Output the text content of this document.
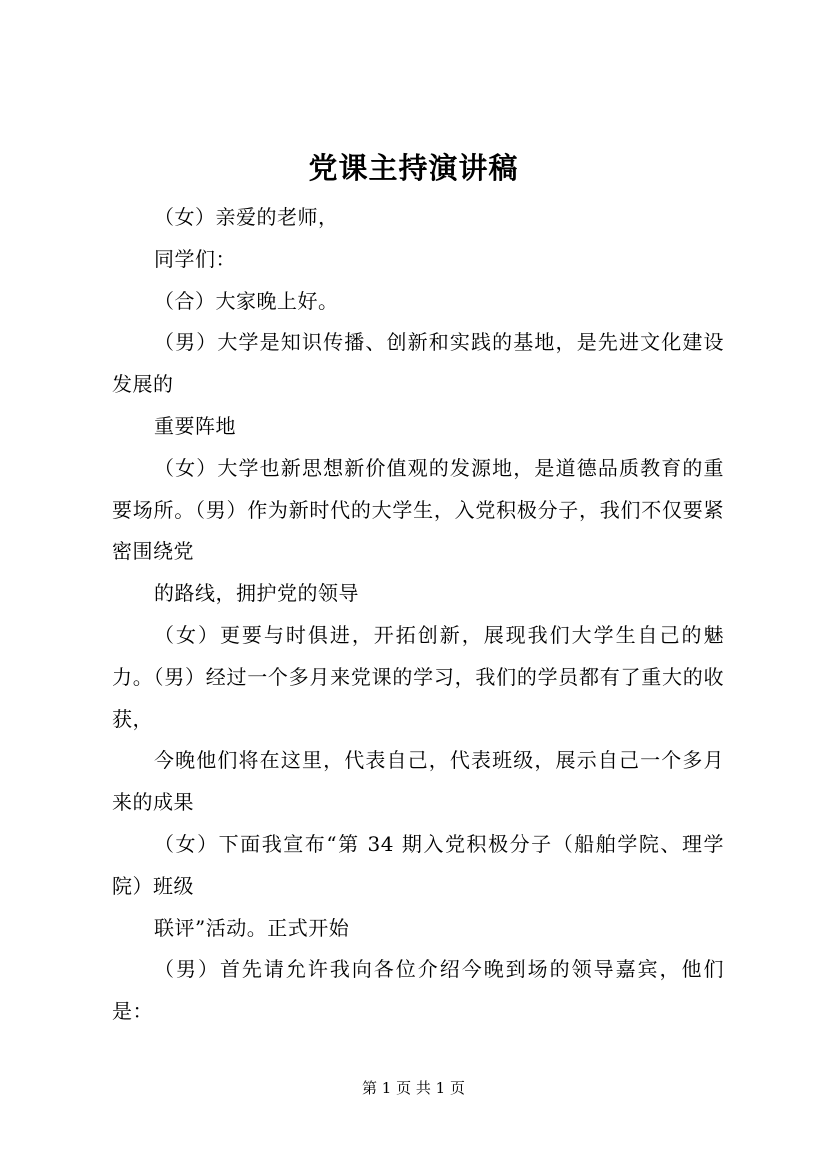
党课主持演讲稿

（女）亲爱的老师，

同学们：

（合）大家晚上好。

（男）大学是知识传播、创新和实践的基地，是先进文化建设发展的

重要阵地

（女）大学也新思想新价值观的发源地，是道德品质教育的重要场所。（男）作为新时代的大学生，入党积极分子，我们不仅要紧密围绕党

的路线，拥护党的领导

（女）更要与时俱进，开拓创新，展现我们大学生自己的魅力。（男）经过一个多月来党课的学习，我们的学员都有了重大的收获，

今晚他们将在这里，代表自己，代表班级，展示自己一个多月来的成果

（女）下面我宣布“第 34 期入党积极分子（船舶学院、理学院）班级

联评”活动。正式开始

（男）首先请允许我向各位介绍今晚到场的领导嘉宾，他们是：

第 1 页 共 1 页
